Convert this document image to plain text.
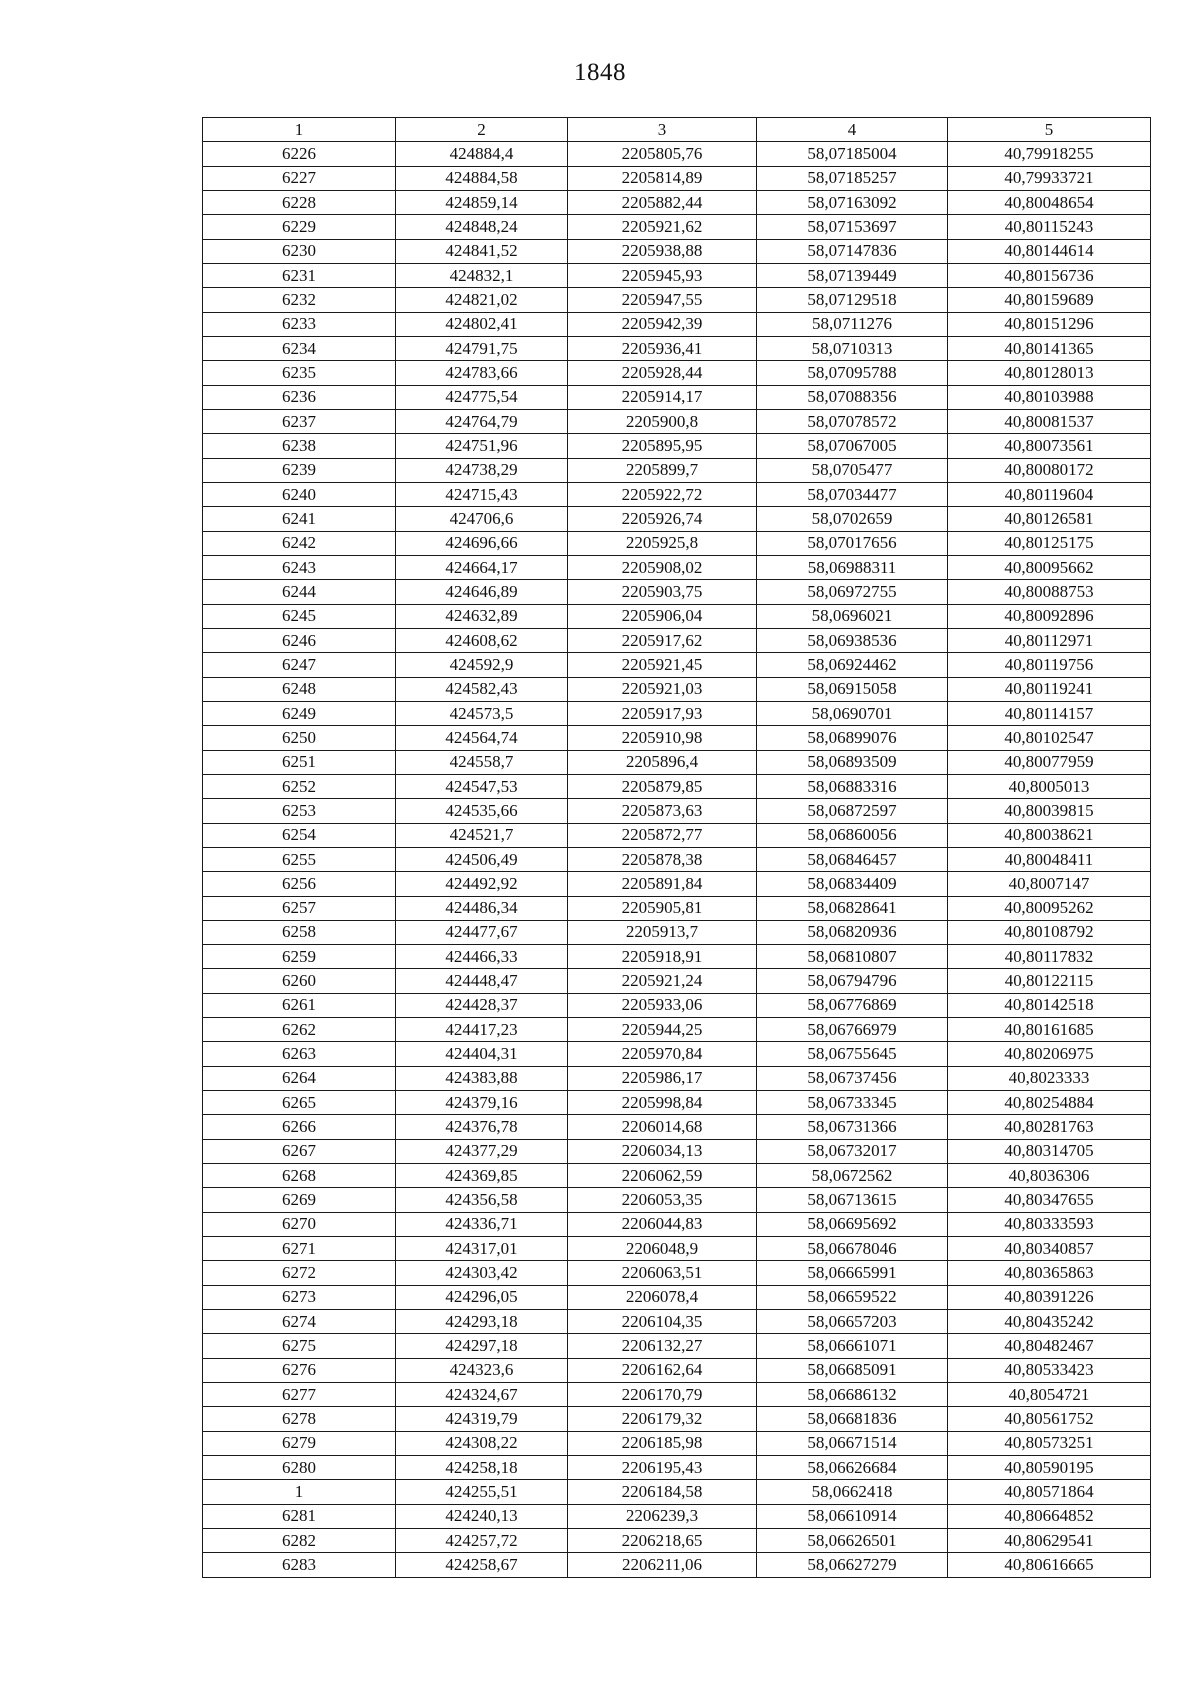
1848
1	2	3	4	5
6226	424884,4	2205805,76	58,07185004	40,79918255
6227	424884,58	2205814,89	58,07185257	40,79933721
6228	424859,14	2205882,44	58,07163092	40,80048654
6229	424848,24	2205921,62	58,07153697	40,80115243
6230	424841,52	2205938,88	58,07147836	40,80144614
6231	424832,1	2205945,93	58,07139449	40,80156736
6232	424821,02	2205947,55	58,07129518	40,80159689
6233	424802,41	2205942,39	58,0711276	40,80151296
6234	424791,75	2205936,41	58,0710313	40,80141365
6235	424783,66	2205928,44	58,07095788	40,80128013
6236	424775,54	2205914,17	58,07088356	40,80103988
6237	424764,79	2205900,8	58,07078572	40,80081537
6238	424751,96	2205895,95	58,07067005	40,80073561
6239	424738,29	2205899,7	58,0705477	40,80080172
6240	424715,43	2205922,72	58,07034477	40,80119604
6241	424706,6	2205926,74	58,0702659	40,80126581
6242	424696,66	2205925,8	58,07017656	40,80125175
6243	424664,17	2205908,02	58,06988311	40,80095662
6244	424646,89	2205903,75	58,06972755	40,80088753
6245	424632,89	2205906,04	58,0696021	40,80092896
6246	424608,62	2205917,62	58,06938536	40,80112971
6247	424592,9	2205921,45	58,06924462	40,80119756
6248	424582,43	2205921,03	58,06915058	40,80119241
6249	424573,5	2205917,93	58,0690701	40,80114157
6250	424564,74	2205910,98	58,06899076	40,80102547
6251	424558,7	2205896,4	58,06893509	40,80077959
6252	424547,53	2205879,85	58,06883316	40,8005013
6253	424535,66	2205873,63	58,06872597	40,80039815
6254	424521,7	2205872,77	58,06860056	40,80038621
6255	424506,49	2205878,38	58,06846457	40,80048411
6256	424492,92	2205891,84	58,06834409	40,8007147
6257	424486,34	2205905,81	58,06828641	40,80095262
6258	424477,67	2205913,7	58,06820936	40,80108792
6259	424466,33	2205918,91	58,06810807	40,80117832
6260	424448,47	2205921,24	58,06794796	40,80122115
6261	424428,37	2205933,06	58,06776869	40,80142518
6262	424417,23	2205944,25	58,06766979	40,80161685
6263	424404,31	2205970,84	58,06755645	40,80206975
6264	424383,88	2205986,17	58,06737456	40,8023333
6265	424379,16	2205998,84	58,06733345	40,80254884
6266	424376,78	2206014,68	58,06731366	40,80281763
6267	424377,29	2206034,13	58,06732017	40,80314705
6268	424369,85	2206062,59	58,0672562	40,8036306
6269	424356,58	2206053,35	58,06713615	40,80347655
6270	424336,71	2206044,83	58,06695692	40,80333593
6271	424317,01	2206048,9	58,06678046	40,80340857
6272	424303,42	2206063,51	58,06665991	40,80365863
6273	424296,05	2206078,4	58,06659522	40,80391226
6274	424293,18	2206104,35	58,06657203	40,80435242
6275	424297,18	2206132,27	58,06661071	40,80482467
6276	424323,6	2206162,64	58,06685091	40,80533423
6277	424324,67	2206170,79	58,06686132	40,8054721
6278	424319,79	2206179,32	58,06681836	40,80561752
6279	424308,22	2206185,98	58,06671514	40,80573251
6280	424258,18	2206195,43	58,06626684	40,80590195
1	424255,51	2206184,58	58,0662418	40,80571864
6281	424240,13	2206239,3	58,06610914	40,80664852
6282	424257,72	2206218,65	58,06626501	40,80629541
6283	424258,67	2206211,06	58,06627279	40,80616665
